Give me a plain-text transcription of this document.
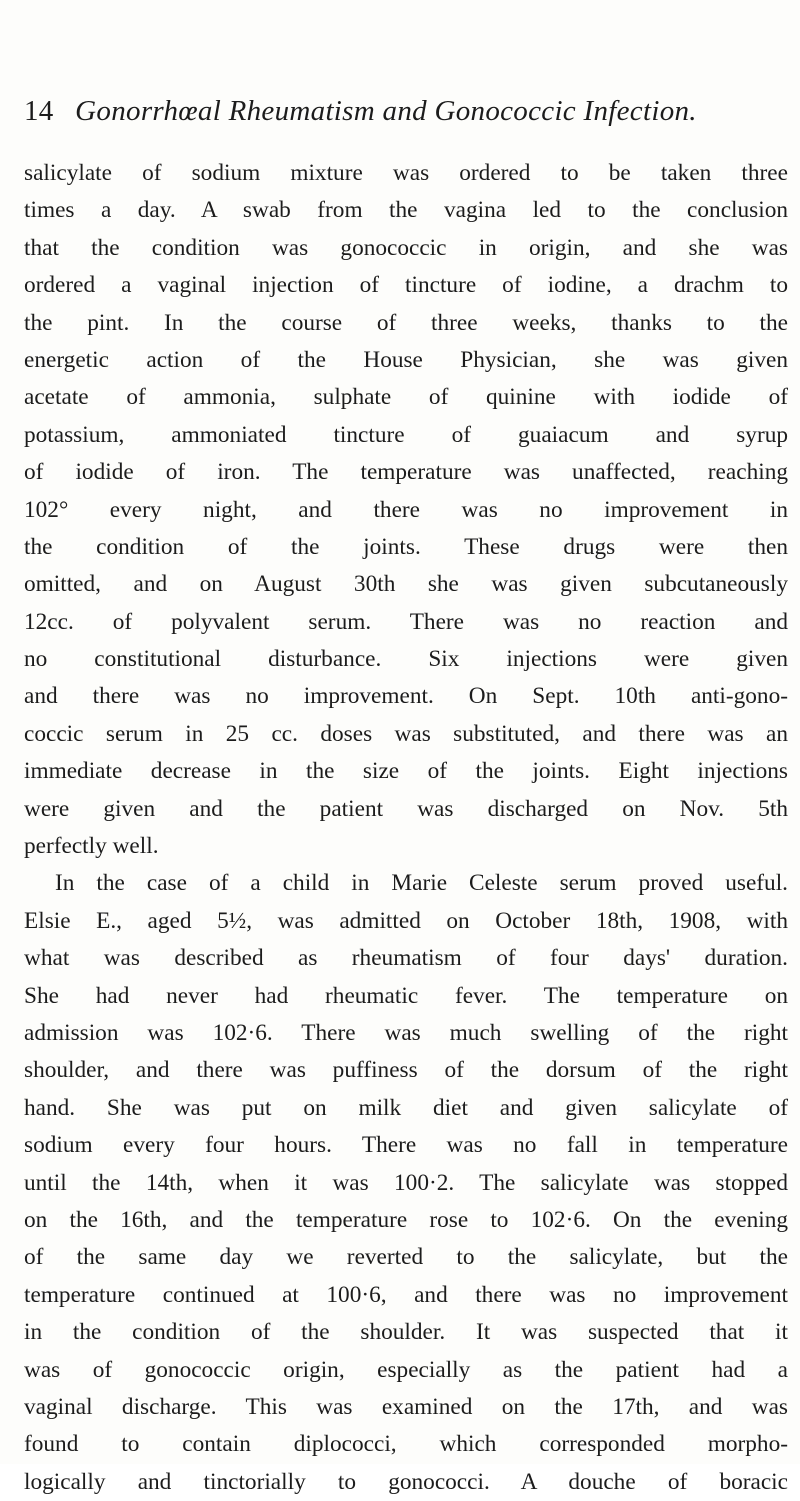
14 Gonorrhœal Rheumatism and Gonococcic Infection.
salicylate of sodium mixture was ordered to be taken three
times a day. A swab from the vagina led to the conclusion
that the condition was gonococcic in origin, and she was
ordered a vaginal injection of tincture of iodine, a drachm to
the pint. In the course of three weeks, thanks to the
energetic action of the House Physician, she was given
acetate of ammonia, sulphate of quinine with iodide of
potassium, ammoniated tincture of guaiacum and syrup
of iodide of iron. The temperature was unaffected, reaching
102° every night, and there was no improvement in
the condition of the joints. These drugs were then
omitted, and on August 30th she was given subcutaneously
12cc. of polyvalent serum. There was no reaction and
no constitutional disturbance. Six injections were given
and there was no improvement. On Sept. 10th anti-gono-
coccic serum in 25 cc. doses was substituted, and there was an
immediate decrease in the size of the joints. Eight injections
were given and the patient was discharged on Nov. 5th
perfectly well.
In the case of a child in Marie Celeste serum proved useful.
Elsie E., aged 5½, was admitted on October 18th, 1908, with
what was described as rheumatism of four days' duration.
She had never had rheumatic fever. The temperature on
admission was 102·6. There was much swelling of the right
shoulder, and there was puffiness of the dorsum of the right
hand. She was put on milk diet and given salicylate of
sodium every four hours. There was no fall in temperature
until the 14th, when it was 100·2. The salicylate was stopped
on the 16th, and the temperature rose to 102·6. On the evening
of the same day we reverted to the salicylate, but the
temperature continued at 100·6, and there was no improvement
in the condition of the shoulder. It was suspected that it
was of gonococcic origin, especially as the patient had a
vaginal discharge. This was examined on the 17th, and was
found to contain diplococci, which corresponded morpho-
logically and tinctorially to gonococci. A douche of boracic
